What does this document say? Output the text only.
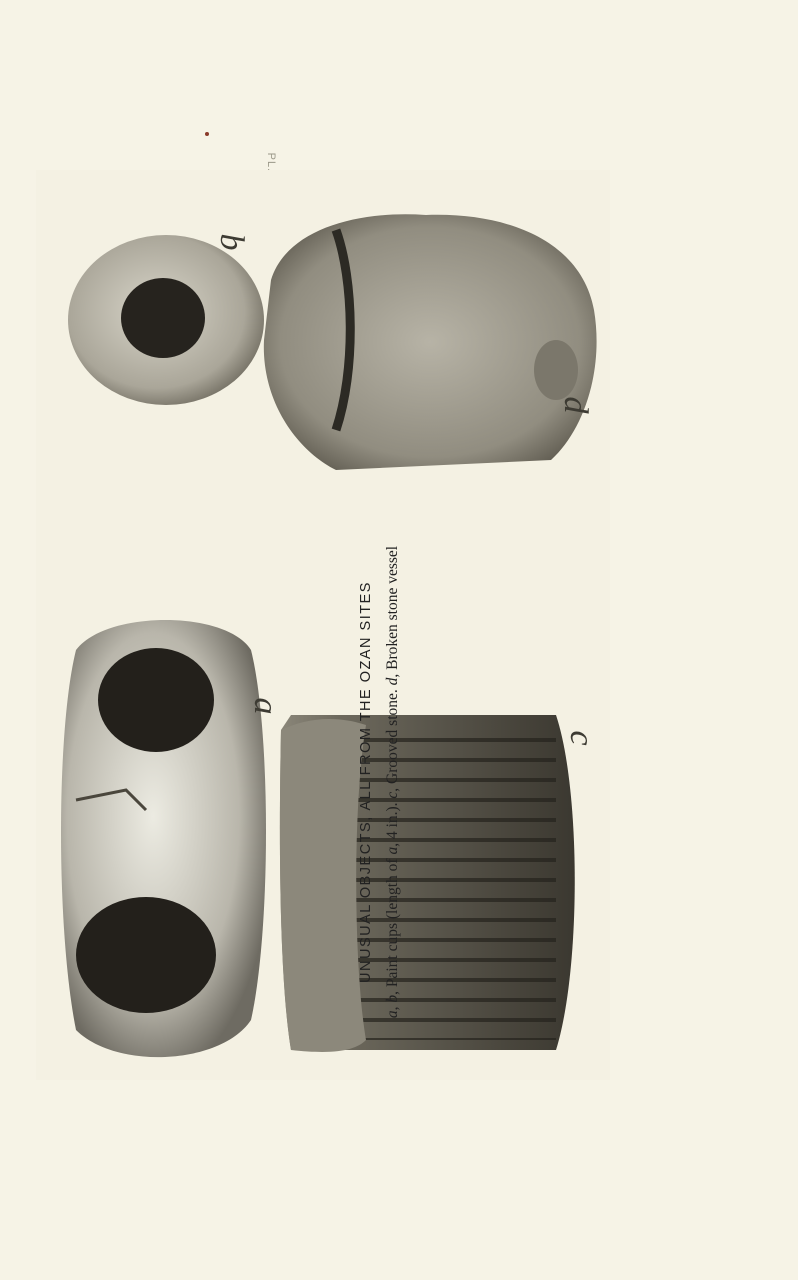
b
d
a
c
UNUSUAL OBJECTS, ALL FROM THE OZAN SITES
a, b, Paint cups (length of a, 4 in.). c, Grooved stone. d, Broken stone vessel
